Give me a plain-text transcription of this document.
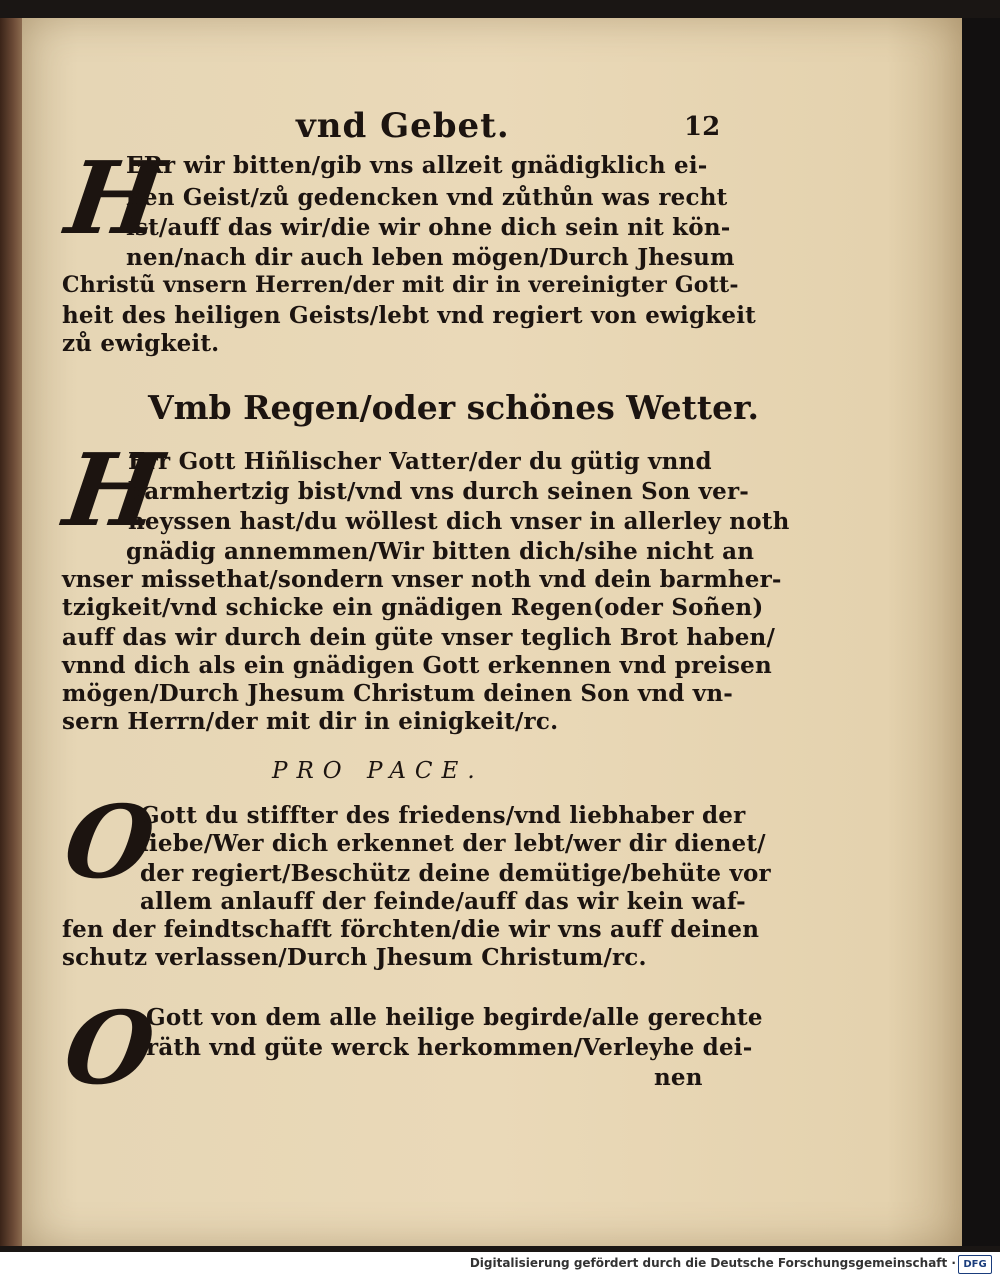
vnd Gebet.	12
H
ERr wir bitten/gib vns allzeit gnädigklich ei-
nen Geist/zů gedencken vnd zůthůn was recht
ist/auff das wir/die wir ohne dich sein nit kön-
nen/nach dir auch leben mögen/Durch Jhesum
Christũ vnsern Herren/der mit dir in vereinigter Gott-
heit des heiligen Geists/lebt vnd regiert von ewigkeit
zů ewigkeit.
Vmb Regen/oder schönes Wetter.
H
Err Gott Hiñlischer Vatter/der du gütig vnnd
barmhertzig bist/vnd vns durch seinen Son ver-
heyssen hast/du wöllest dich vnser in allerley noth
gnädig annemmen/Wir bitten dich/sihe nicht an
vnser missethat/sondern vnser noth vnd dein barmher-
tzigkeit/vnd schicke ein gnädigen Regen(oder Soñen)
auff das wir durch dein güte vnser teglich Brot haben/
vnnd dich als ein gnädigen Gott erkennen vnd preisen
mögen/Durch Jhesum Christum deinen Son vnd vn-
sern Herrn/der mit dir in einigkeit/rc.
PRO PACE.
O
Gott du stiffter des friedens/vnd liebhaber der
liebe/Wer dich erkennet der lebt/wer dir dienet/
der regiert/Beschütz deine demütige/behüte vor
allem anlauff der feinde/auff das wir kein waf-
fen der feindtschafft förchten/die wir vns auff deinen
schutz verlassen/Durch Jhesum Christum/rc.
O
Gott von dem alle heilige begirde/alle gerechte
räth vnd güte werck herkommen/Verleyhe dei-
nen
Digitalisierung gefördert durch die Deutsche Forschungsgemeinschaft · DFG
